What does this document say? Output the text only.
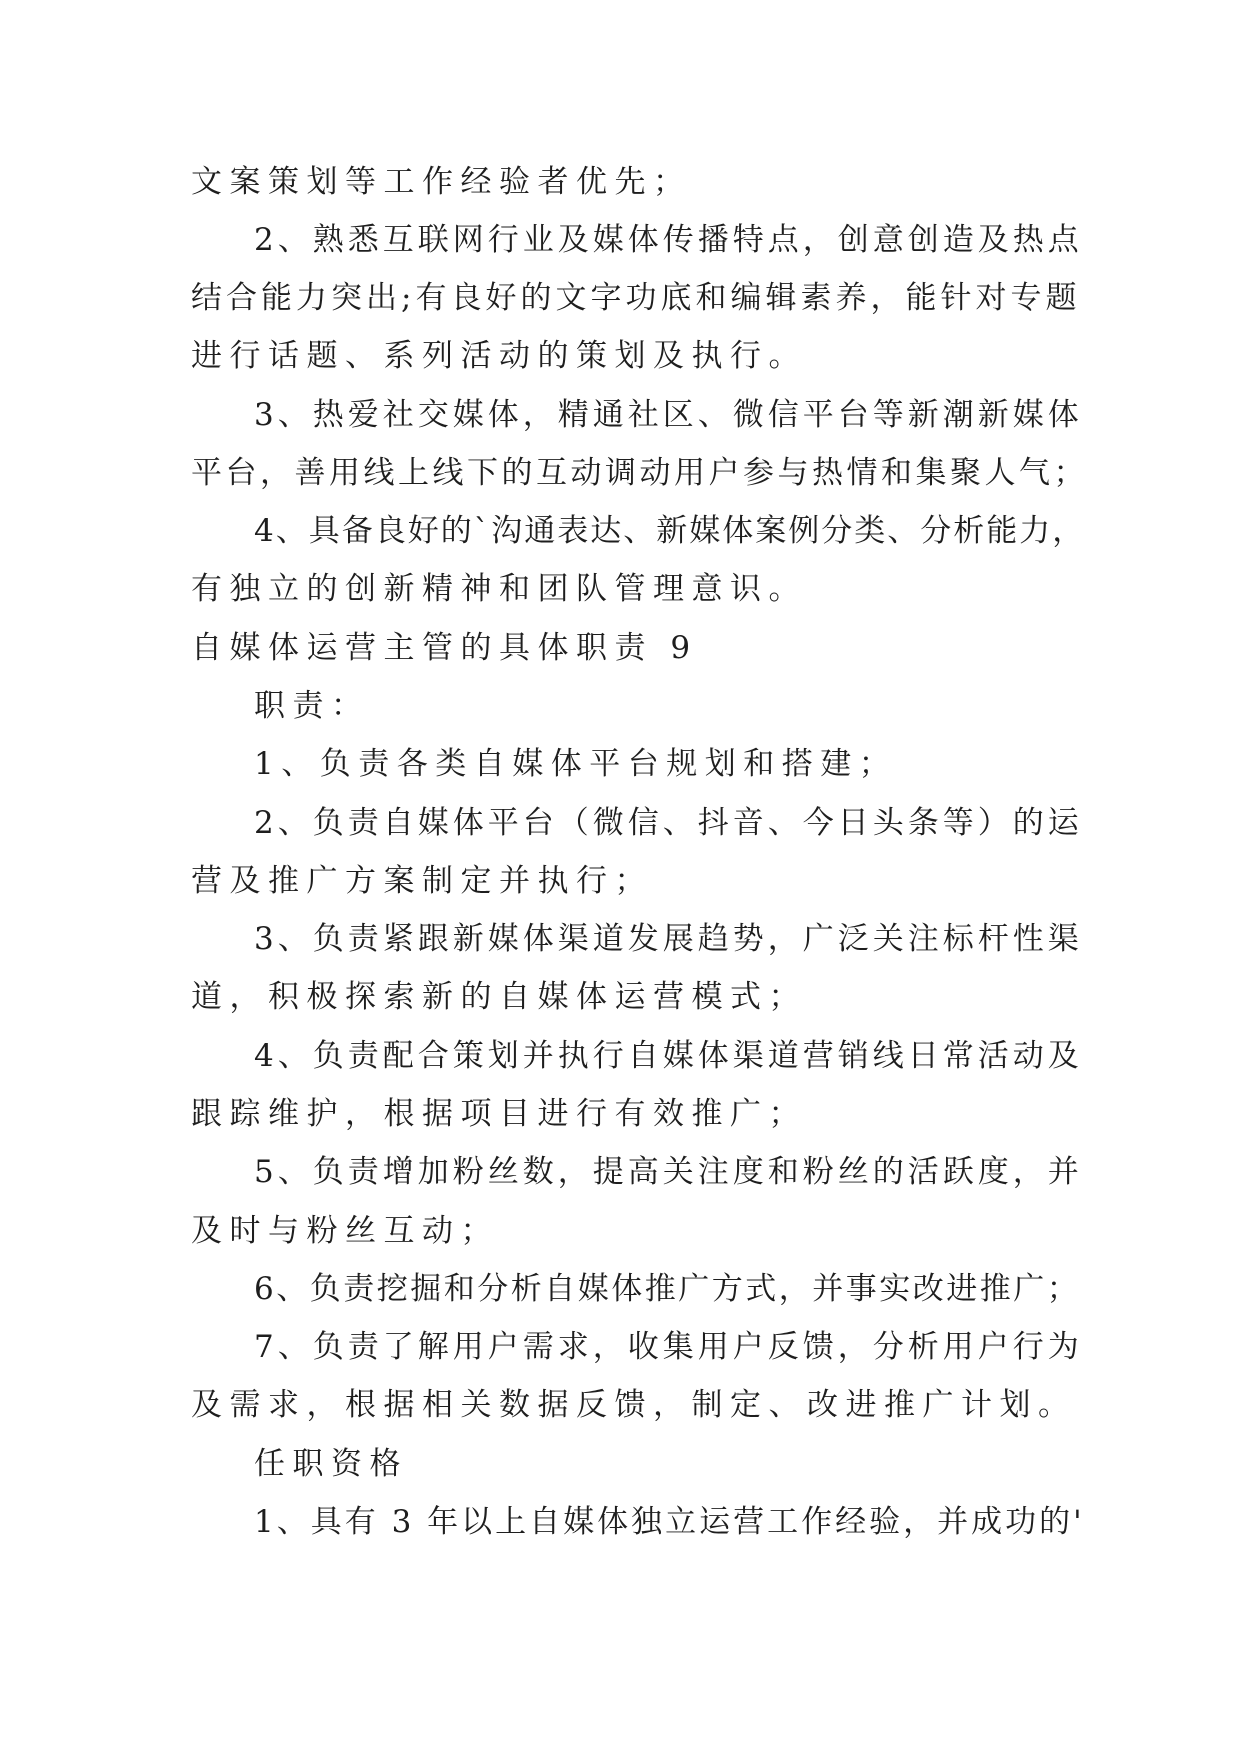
文案策划等工作经验者优先；
2、熟悉互联网行业及媒体传播特点，创意创造及热点
结合能力突出;有良好的文字功底和编辑素养，能针对专题
进行话题、系列活动的策划及执行。
3、热爱社交媒体，精通社区、微信平台等新潮新媒体
平台，善用线上线下的互动调动用户参与热情和集聚人气；
4、具备良好的`沟通表达、新媒体案例分类、分析能力，
有独立的创新精神和团队管理意识。
自媒体运营主管的具体职责 9
职责：
1、负责各类自媒体平台规划和搭建；
2、负责自媒体平台（微信、抖音、今日头条等）的运
营及推广方案制定并执行；
3、负责紧跟新媒体渠道发展趋势，广泛关注标杆性渠
道，积极探索新的自媒体运营模式；
4、负责配合策划并执行自媒体渠道营销线日常活动及
跟踪维护，根据项目进行有效推广；
5、负责增加粉丝数，提高关注度和粉丝的活跃度，并
及时与粉丝互动；
6、负责挖掘和分析自媒体推广方式，并事实改进推广；
7、负责了解用户需求，收集用户反馈，分析用户行为
及需求，根据相关数据反馈，制定、改进推广计划。
任职资格
1、具有 3 年以上自媒体独立运营工作经验，并成功的'
